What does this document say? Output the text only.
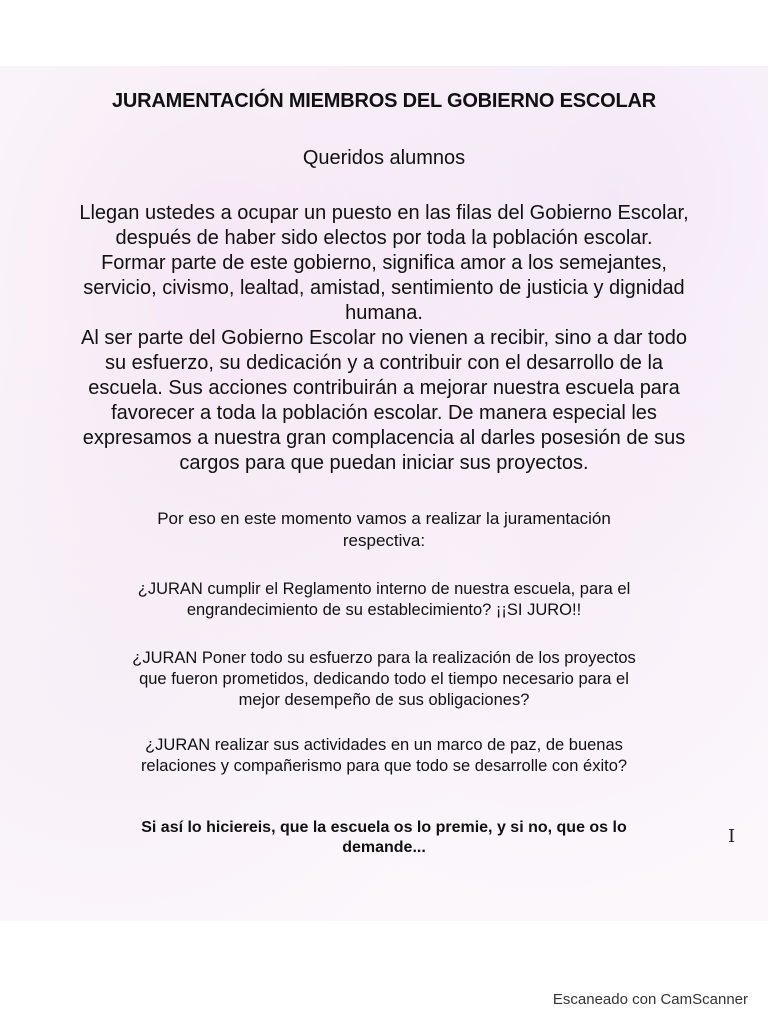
JURAMENTACIÓN MIEMBROS DEL GOBIERNO ESCOLAR
Queridos alumnos

Llegan ustedes a ocupar un puesto en las filas del Gobierno Escolar,
después de haber sido electos por toda la población escolar.
Formar parte de este gobierno, significa amor a los semejantes,
servicio, civismo, lealtad, amistad, sentimiento de justicia y dignidad
humana.
Al ser parte del Gobierno Escolar no vienen a recibir, sino a dar todo
su esfuerzo, su dedicación y a contribuir con el desarrollo de la
escuela. Sus acciones contribuirán a mejorar nuestra escuela para
favorecer a toda la población escolar. De manera especial les
expresamos a nuestra gran complacencia al darles posesión de sus
cargos para que puedan iniciar sus proyectos.

Por eso en este momento vamos a realizar la juramentación
respectiva:

¿JURAN cumplir el Reglamento interno de nuestra escuela, para el
engrandecimiento de su establecimiento? ¡¡SI JURO!!

¿JURAN Poner todo su esfuerzo para la realización de los proyectos
que fueron prometidos, dedicando todo el tiempo necesario para el
mejor desempeño de sus obligaciones?

¿JURAN realizar sus actividades en un marco de paz, de buenas
relaciones y compañerismo para que todo se desarrolle con éxito?

Si así lo hiciereis, que la escuela os lo premie, y si no, que os lo
demande...

I
Escaneado con CamScanner
